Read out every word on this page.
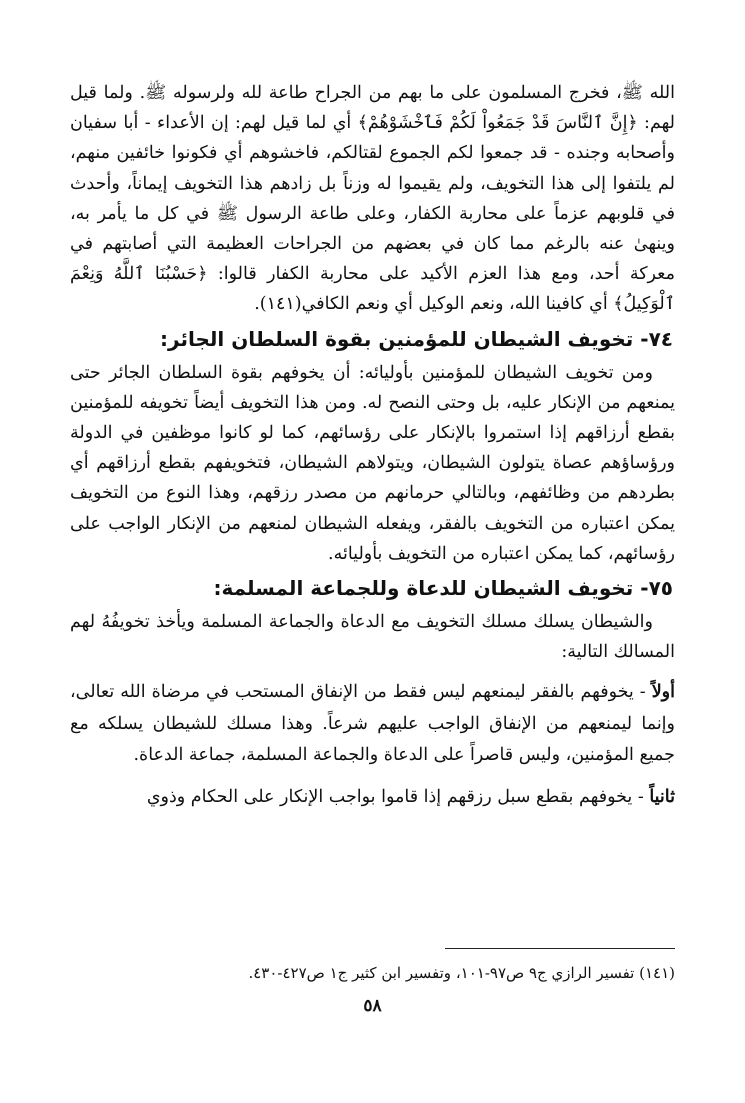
الله ﷺ، فخرج المسلمون على ما بهم من الجراح طاعة لله ولرسوله ﷺ. ولما قيل لهم: ﴿إِنَّ ٱلنَّاسَ قَدْ جَمَعُواْ لَكُمْ فَٱخْشَوْهُمْ﴾ أي لما قيل لهم: إن الأعداء - أبا سفيان وأصحابه وجنده - قد جمعوا لكم الجموع لقتالكم، فاخشوهم أي فكونوا خائفين منهم، لم يلتفوا إلى هذا التخويف، ولم يقيموا له وزناً بل زادهم هذا التخويف إيماناً، وأحدث في قلوبهم عزماً على محاربة الكفار، وعلى طاعة الرسول ﷺ في كل ما يأمر به، وينهىٰ عنه بالرغم مما كان في بعضهم من الجراحات العظيمة التي أصابتهم في معركة أحد، ومع هذا العزم الأكيد على محاربة الكفار قالوا: ﴿حَسْبُنَا ٱللَّهُ وَنِعْمَ ٱلْوَكِيلُ﴾ أي كافينا الله، ونعم الوكيل أي ونعم الكافي(١٤١).

٧٤- تخويف الشيطان للمؤمنين بقوة السلطان الجائر:

ومن تخويف الشيطان للمؤمنين بأوليائه: أن يخوفهم بقوة السلطان الجائر حتى يمنعهم من الإنكار عليه، بل وحتى النصح له. ومن هذا التخويف أيضاً تخويفه للمؤمنين بقطع أرزاقهم إذا استمروا بالإنكار على رؤسائهم، كما لو كانوا موظفين في الدولة ورؤساؤهم عصاة يتولون الشيطان، ويتولاهم الشيطان، فتخويفهم بقطع أرزاقهم أي بطردهم من وظائفهم، وبالتالي حرمانهم من مصدر رزقهم، وهذا النوع من التخويف يمكن اعتباره من التخويف بالفقر، ويفعله الشيطان لمنعهم من الإنكار الواجب على رؤسائهم، كما يمكن اعتباره من التخويف بأوليائه.

٧٥- تخويف الشيطان للدعاة وللجماعة المسلمة:

والشيطان يسلك مسلك التخويف مع الدعاة والجماعة المسلمة ويأخذ تخويفُهُ لهم المسالك التالية:

أولاً - يخوفهم بالفقر ليمنعهم ليس فقط من الإنفاق المستحب في مرضاة الله تعالى، وإنما ليمنعهم من الإنفاق الواجب عليهم شرعاً. وهذا مسلك للشيطان يسلكه مع جميع المؤمنين، وليس قاصراً على الدعاة والجماعة المسلمة، جماعة الدعاة.

ثانياً - يخوفهم بقطع سبل رزقهم إذا قاموا بواجب الإنكار على الحكام وذوي

(١٤١) تفسير الرازي ج٩ ص٩٧-١٠١، وتفسير ابن كثير ج١ ص٤٢٧-٤٣٠.

٥٨
